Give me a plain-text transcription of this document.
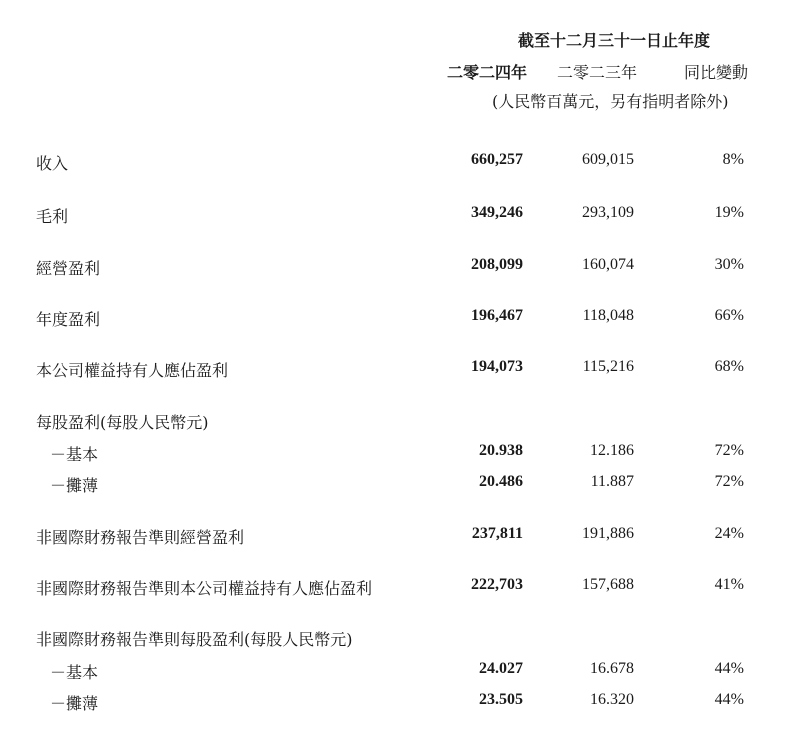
截至十二月三十一日止年度
二零二四年 二零二三年	同比變動
(人民幣百萬元，另有指明者除外)
收入	660,257	609,015	8%
毛利	349,246	293,109	19%
經營盈利	208,099	160,074	30%
年度盈利	196,467	118,048	66%
本公司權益持有人應佔盈利	194,073	115,216	68%
每股盈利(每股人民幣元)
－基本	20.938	12.186	72%
－攤薄	20.486	11.887	72%
非國際財務報告準則經營盈利	237,811	191,886	24%
非國際財務報告準則本公司權益持有人應佔盈利	222,703	157,688	41%
非國際財務報告準則每股盈利(每股人民幣元)
－基本	24.027	16.678	44%
－攤薄	23.505	16.320	44%
